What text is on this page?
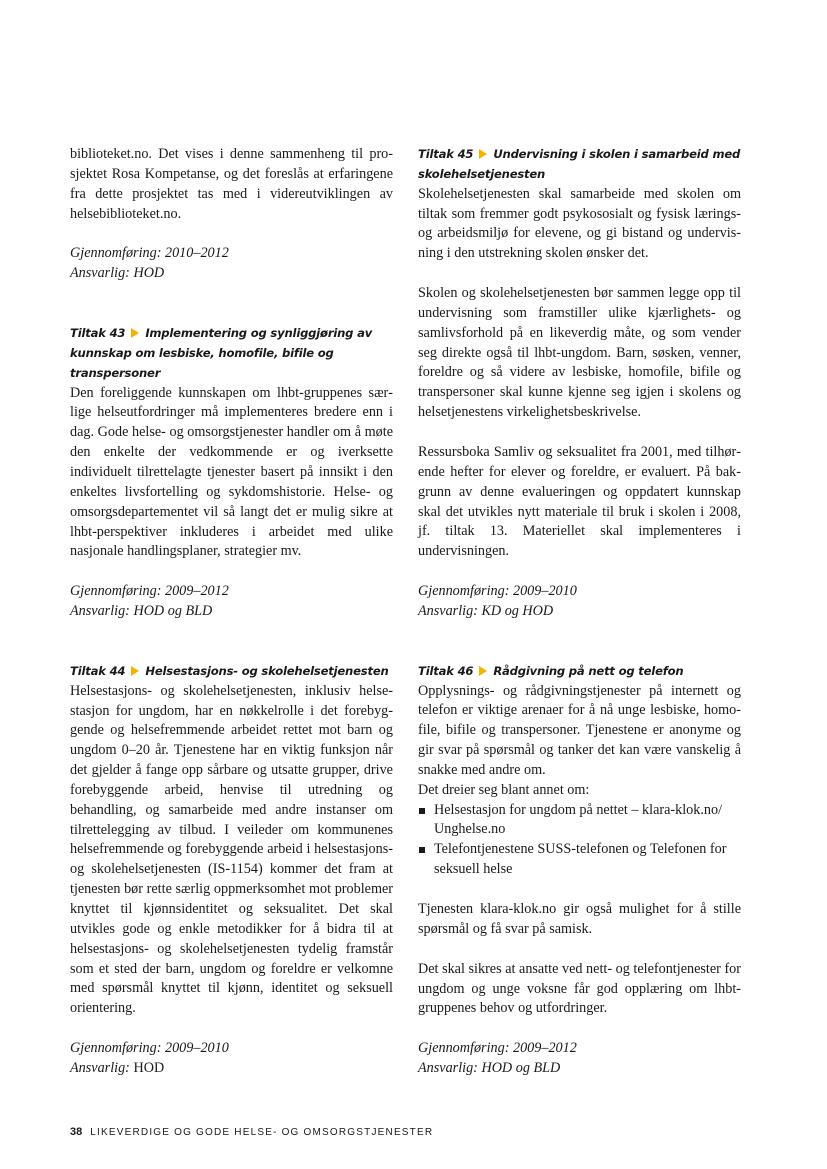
biblioteket.no. Det vises i denne sammenheng til prosjektet Rosa Kompetanse, og det foreslås at erfaringene fra dette prosjektet tas med i videreutviklingen av helsebiblioteket.no.

Gjennomføring: 2010–2012

Ansvarlig: HOD

Tiltak 43 Implementering og synliggjøring av kunnskap om lesbiske, homofile, bifile og transpersoner

Den foreliggende kunnskapen om lhbt-gruppenes særlige helseutfordringer må implementeres bredere enn i dag. Gode helse- og omsorgstjenester handler om å møte den enkelte der vedkommende er og iverksette individuelt tilrettelagte tjenester basert på innsikt i den enkeltes livsfortelling og sykdomshistorie. Helse- og omsorgsdepartementet vil så langt det er mulig sikre at lhbt-perspektiver inkluderes i arbeidet med ulike nasjonale handlingsplaner, strategier mv.

Gjennomføring: 2009–2012

Ansvarlig: HOD og BLD

Tiltak 44 Helsestasjons- og skolehelsetjenesten

Helsestasjons- og skolehelsetjenesten, inklusiv helsestasjon for ungdom, har en nøkkelrolle i det forebyggende og helsefremmende arbeidet rettet mot barn og ungdom 0–20 år. Tjenestene har en viktig funksjon når det gjelder å fange opp sårbare og utsatte grupper, drive forebyggende arbeid, henvise til utredning og behandling, og samarbeide med andre instanser om tilrettelegging av tilbud. I veileder om kommunenes helsefremmende og forebyggende arbeid i helsestasjons- og skolehelsetjenesten (IS-1154) kommer det fram at tjenesten bør rette særlig oppmerksomhet mot problemer knyttet til kjønnsidentitet og seksualitet. Det skal utvikles gode og enkle metodikker for å bidra til at helsestasjons- og skolehelsetjenesten tydelig framstår som et sted der barn, ungdom og foreldre er velkomne med spørsmål knyttet til kjønn, identitet og seksuell orientering.

Gjennomføring: 2009–2010

Ansvarlig: HOD

Tiltak 45 Undervisning i skolen i samarbeid med skolehelsetjenesten

Skolehelsetjenesten skal samarbeide med skolen om tiltak som fremmer godt psykososialt og fysisk lærings- og arbeidsmiljø for elevene, og gi bistand og undervisning i den utstrekning skolen ønsker det.

Skolen og skolehelsetjenesten bør sammen legge opp til undervisning som framstiller ulike kjærlighets- og samlivsforhold på en likeverdig måte, og som vender seg direkte også til lhbt-ungdom. Barn, søsken, venner, foreldre og så videre av lesbiske, homofile, bifile og transpersoner skal kunne kjenne seg igjen i skolens og helsetjenestens virkelighetsbeskrivelse.

Ressursboka Samliv og seksualitet fra 2001, med tilhørende hefter for elever og foreldre, er evaluert. På bakgrunn av denne evalueringen og oppdatert kunnskap skal det utvikles nytt materiale til bruk i skolen i 2008, jf. tiltak 13. Materiellet skal implementeres i undervisningen.

Gjennomføring: 2009–2010

Ansvarlig: KD og HOD

Tiltak 46 Rådgivning på nett og telefon

Opplysnings- og rådgivningstjenester på internett og telefon er viktige arenaer for å nå unge lesbiske, homofile, bifile og transpersoner. Tjenestene er anonyme og gir svar på spørsmål og tanker det kan være vanskelig å snakke med andre om.

Det dreier seg blant annet om:

Helsestasjon for ungdom på nettet – klara-klok.no/ Unghelse.no
Telefontjenestene SUSS-telefonen og Telefonen for seksuell helse

Tjenesten klara-klok.no gir også mulighet for å stille spørsmål og få svar på samisk.

Det skal sikres at ansatte ved nett- og telefontjenester for ungdom og unge voksne får god opplæring om lhbt-gruppenes behov og utfordringer.

Gjennomføring: 2009–2012

Ansvarlig: HOD og BLD

38 LIKEVERDIGE OG GODE HELSE- OG OMSORGSTJENESTER
